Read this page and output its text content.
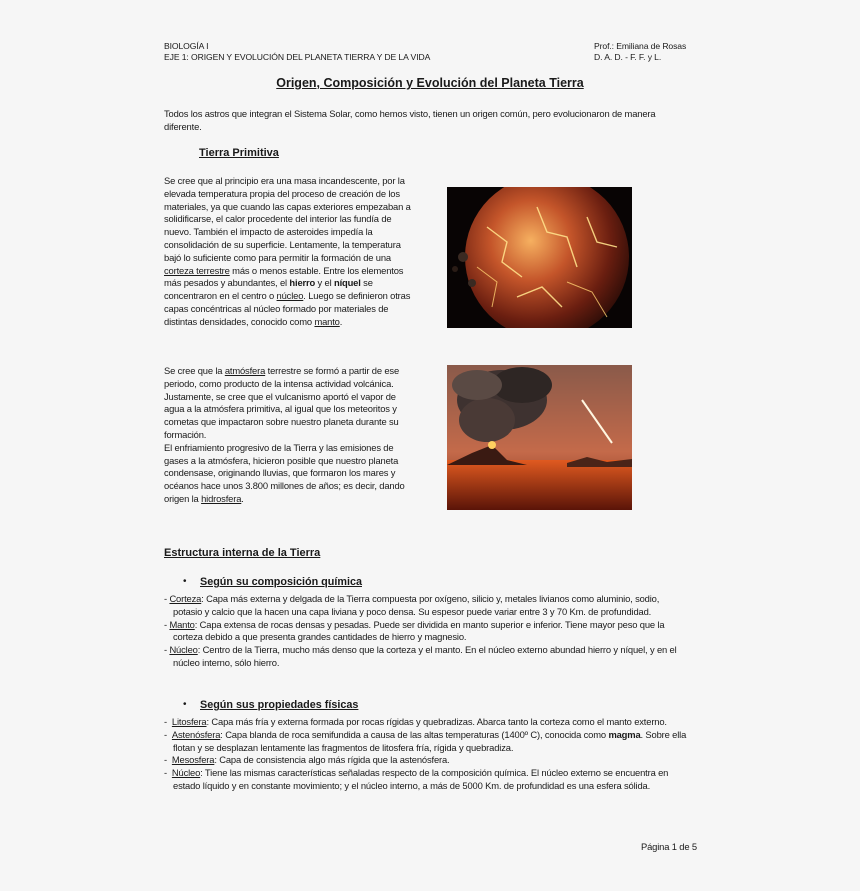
BIOLOGÍA I
EJE 1: ORIGEN Y EVOLUCIÓN DEL PLANETA TIERRA Y DE LA VIDA
Prof.: Emiliana de Rosas
D. A. D. - F. F. y L.
Origen, Composición y Evolución del Planeta Tierra
Todos los astros que integran el Sistema Solar, como hemos visto, tienen un origen común, pero evolucionaron de manera diferente.
Tierra Primitiva
Se cree que al principio era una masa incandescente, por la elevada temperatura propia del proceso de creación de los materiales, ya que cuando las capas exteriores empezaban a solidificarse, el calor procedente del interior las fundía de nuevo. También el impacto de asteroides impedía la consolidación de su superficie. Lentamente, la temperatura bajó lo suficiente como para permitir la formación de una corteza terrestre más o menos estable. Entre los elementos más pesados y abundantes, el hierro y el níquel se concentraron en el centro o núcleo. Luego se definieron otras capas concéntricas al núcleo formado por materiales de distintas densidades, conocido como manto.
Se cree que la atmósfera terrestre se formó a partir de ese periodo, como producto de la intensa actividad volcánica. Justamente, se cree que el vulcanismo aportó el vapor de agua a la atmósfera primitiva, al igual que los meteoritos y cometas que impactaron sobre nuestro planeta durante su formación.
El enfriamiento progresivo de la Tierra y las emisiones de gases a la atmósfera, hicieron posible que nuestro planeta condensase, originando lluvias, que formaron los mares y océanos hace unos 3.800 millones de años; es decir, dando origen la hidrosfera.
Estructura interna de la Tierra
• Según su composición química
- Corteza: Capa más externa y delgada de la Tierra compuesta por oxígeno, silicio y, metales livianos como aluminio, sodio, potasio y calcio que la hacen una capa liviana y poco densa. Su espesor puede variar entre 3 y 70 Km. de profundidad.
- Manto: Capa extensa de rocas densas y pesadas. Puede ser dividida en manto superior e inferior. Tiene mayor peso que la corteza debido a que presenta grandes cantidades de hierro y magnesio.
- Núcleo: Centro de la Tierra, mucho más denso que la corteza y el manto. En el núcleo externo abundad hierro y níquel, y en el núcleo interno, sólo hierro.
• Según sus propiedades físicas
-  Litosfera: Capa más fría y externa formada por rocas rígidas y quebradizas. Abarca tanto la corteza como el manto externo.
-  Astenósfera: Capa blanda de roca semifundida a causa de las altas temperaturas (1400º C), conocida como magma. Sobre ella flotan y se desplazan lentamente las fragmentos de litosfera fría, rígida y quebradiza.
-  Mesosfera: Capa de consistencia algo más rígida que la astenósfera.
-  Núcleo: Tiene las mismas características señaladas respecto de la composición química. El núcleo externo se encuentra en estado líquido y en constante movimiento; y el núcleo interno, a más de 5000 Km. de profundidad es una esfera sólida.
Página 1 de 5
